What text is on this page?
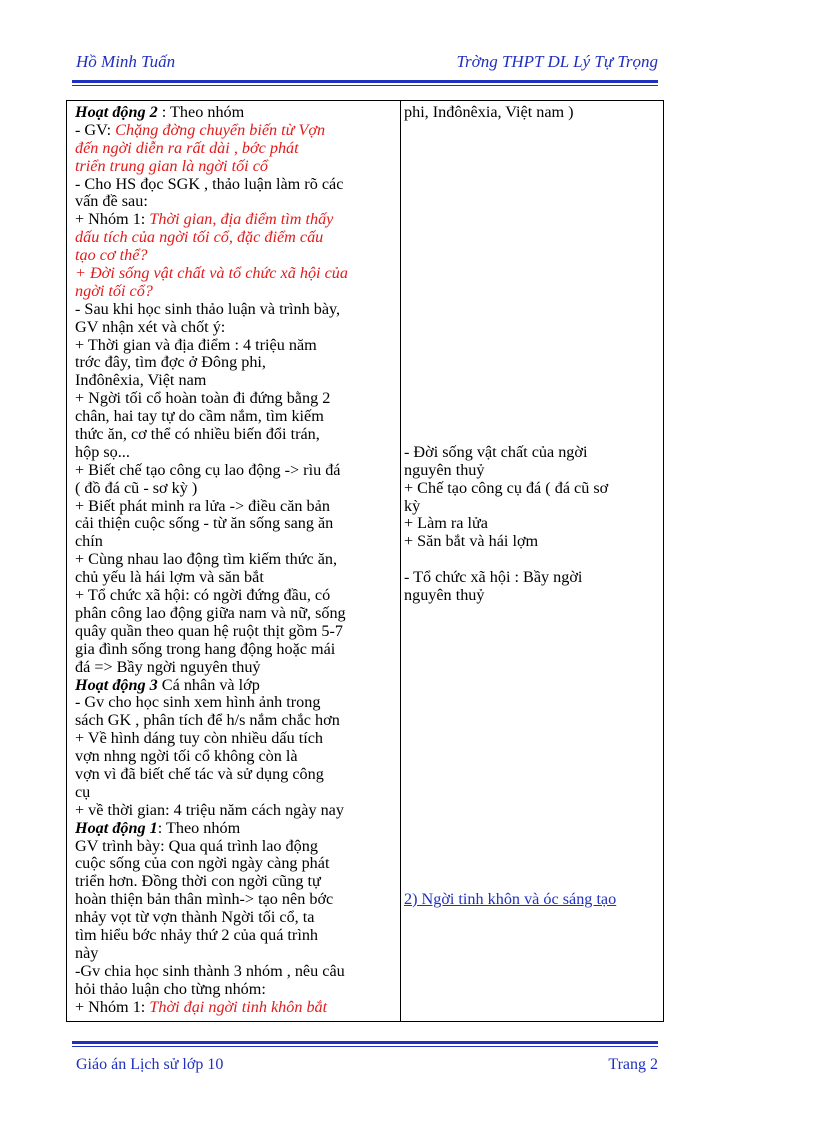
Hồ Minh Tuấn	Trờng THPT DL Lý Tự Trọng
Hoạt động 2 : Theo nhóm
- GV: Chặng đờng chuyển biến từ Vợn
đến ngời diễn ra rất dài , bớc phát
triển trung gian là ngời tối cổ
- Cho HS đọc SGK , thảo luận làm rõ các
vấn đề sau:
+ Nhóm 1: Thời gian, địa điểm tìm thấy
dấu tích của ngời tối cổ, đặc điểm cấu
tạo cơ thể?
+ Đời sống vật chất và tổ chức xã hội của
ngời tối cổ?
- Sau khi học sinh thảo luận và trình bày,
GV nhận xét và chốt ý:
+ Thời gian và địa điểm : 4 triệu năm
trớc đây, tìm đợc ở Đông phi,
Inđônêxia, Việt nam
+ Ngời tối cổ hoàn toàn đi đứng bằng 2
chân, hai tay tự do cầm nắm, tìm kiếm
thức ăn, cơ thể có nhiều biến đổi trán,
hộp sọ...
+ Biết chế tạo công cụ lao động -> rìu đá
( đồ đá cũ - sơ kỳ )
+ Biết phát minh ra lửa -> điều căn bản
cải thiện cuộc sống - từ ăn sống sang ăn
chín
+ Cùng nhau lao động tìm kiếm thức ăn,
chủ yếu là hái lợm và săn bắt
+ Tổ chức xã hội: có ngời đứng đầu, có
phân công lao động giữa nam và nữ, sống
quây quần theo quan hệ ruột thịt gồm 5-7
gia đình sống trong hang động hoặc mái
đá => Bầy ngời nguyên thuỷ
Hoạt động 3 Cá nhân và lớp
- Gv cho học sinh xem hình ảnh trong
sách GK , phân tích để h/s nắm chắc hơn
+ Về hình dáng tuy còn nhiều dấu tích
vợn nhng ngời tối cổ không còn là
vợn vì đã biết chế tác và sử dụng công
cụ
+ về thời gian: 4 triệu năm cách ngày nay
Hoạt động 1: Theo nhóm
GV trình bày: Qua quá trình lao động
cuộc sống của con ngời ngày càng phát
triển hơn. Đồng thời con ngời cũng tự
hoàn thiện bản thân mình-> tạo nên bớc
nhảy vọt từ vợn thành Ngời tối cổ, ta
tìm hiểu bớc nhảy thứ 2 của quá trình
này
-Gv chia học sinh thành 3 nhóm , nêu câu
hỏi thảo luận cho từng nhóm:
+ Nhóm 1: Thời đại ngời tinh khôn bắt
phi, Inđônêxia, Việt nam )
- Đời sống vật chất của ngời
nguyên thuỷ
+ Chế tạo công cụ đá ( đá cũ sơ
kỳ
+ Làm ra lửa
+ Săn bắt và hái lợm
- Tổ chức xã hội : Bầy ngời
nguyên thuỷ
2) Ngời tinh khôn và óc sáng tạo
Giáo án Lịch sử lớp 10	Trang 2
